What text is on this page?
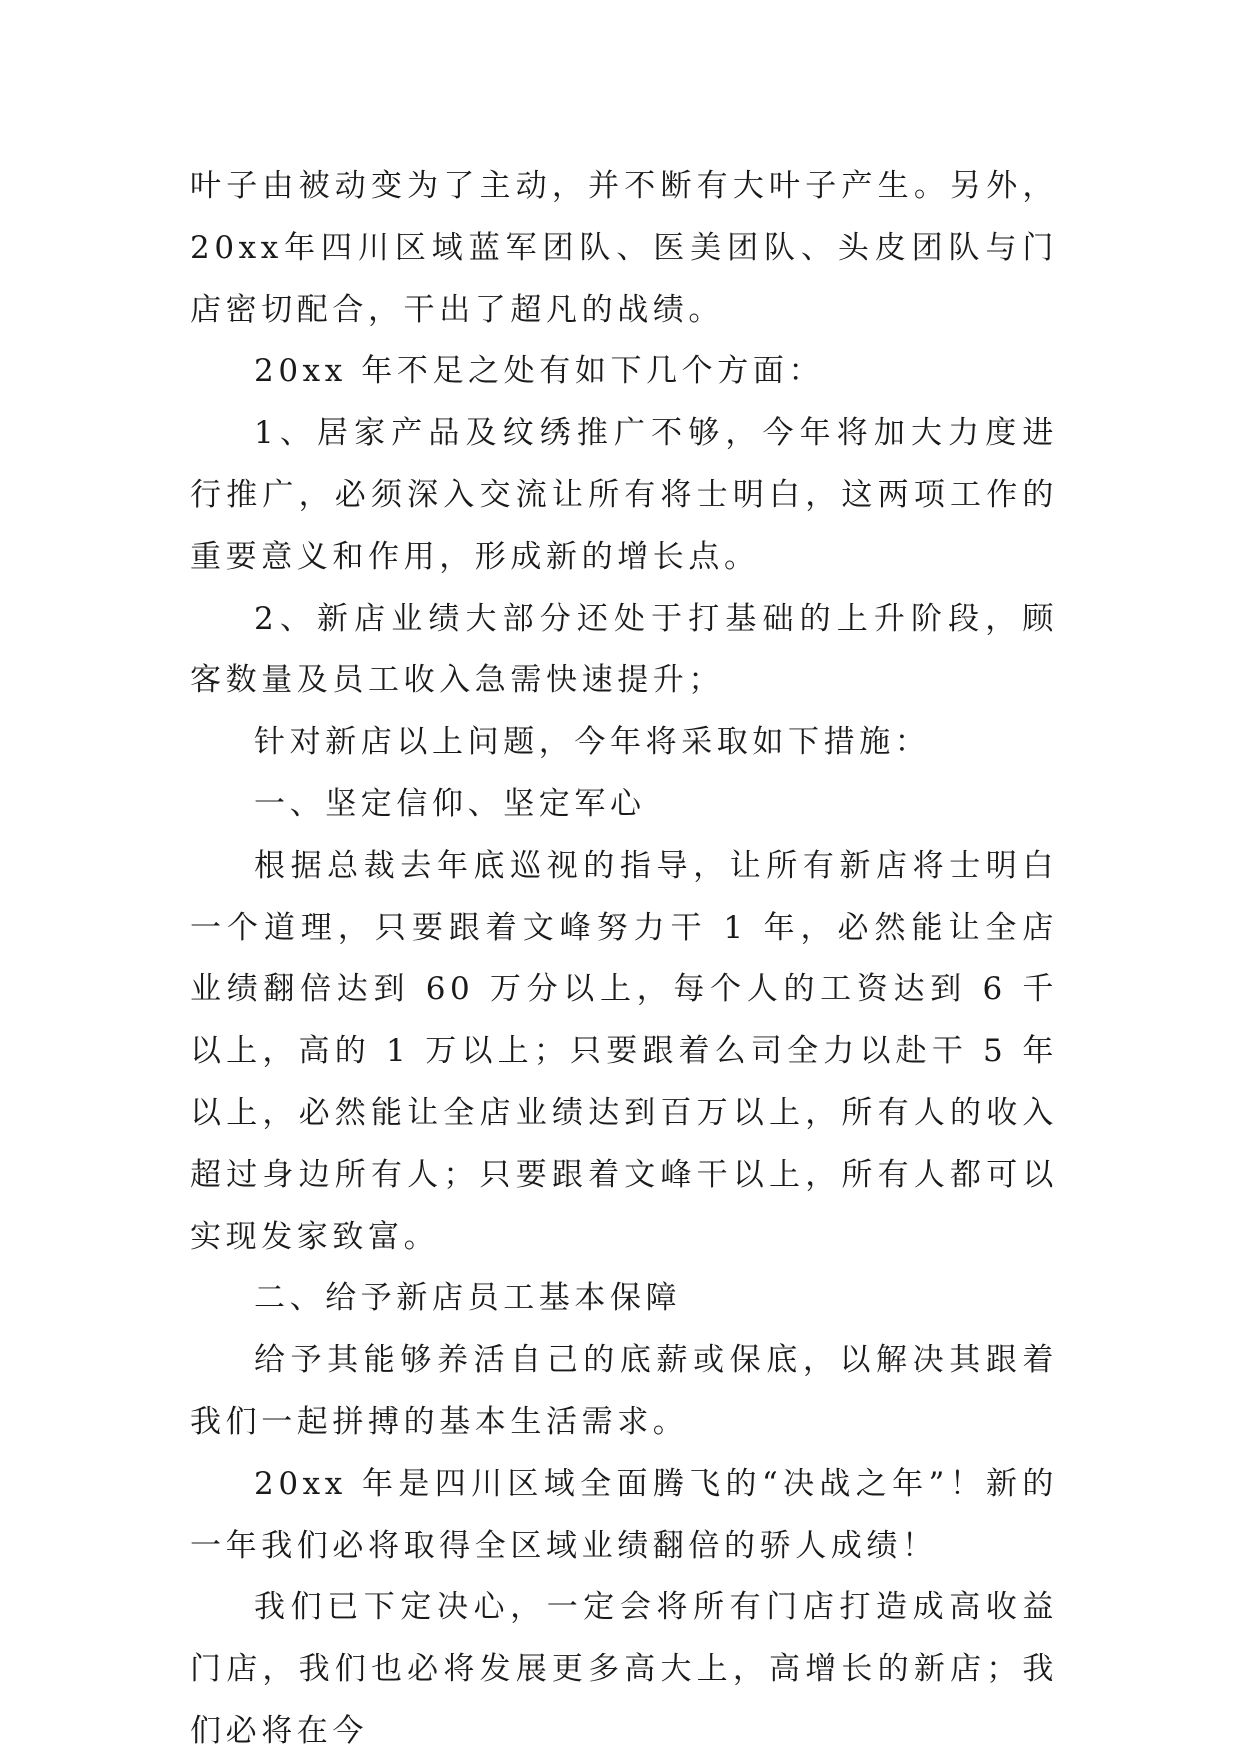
叶子由被动变为了主动，并不断有大叶子产生。另外，20xx年四川区域蓝军团队、医美团队、头皮团队与门店密切配合，干出了超凡的战绩。

20xx 年不足之处有如下几个方面：

1、居家产品及纹绣推广不够，今年将加大力度进行推广，必须深入交流让所有将士明白，这两项工作的重要意义和作用，形成新的增长点。

2、新店业绩大部分还处于打基础的上升阶段，顾客数量及员工收入急需快速提升；

针对新店以上问题，今年将采取如下措施：

一、坚定信仰、坚定军心

根据总裁去年底巡视的指导，让所有新店将士明白一个道理，只要跟着文峰努力干 1 年，必然能让全店业绩翻倍达到 60 万分以上，每个人的工资达到 6 千以上，高的 1 万以上；只要跟着么司全力以赴干 5 年以上，必然能让全店业绩达到百万以上，所有人的收入超过身边所有人；只要跟着文峰干以上，所有人都可以实现发家致富。

二、给予新店员工基本保障

给予其能够养活自己的底薪或保底，以解决其跟着我们一起拼搏的基本生活需求。

20xx 年是四川区域全面腾飞的“决战之年”！新的一年我们必将取得全区域业绩翻倍的骄人成绩！

我们已下定决心，一定会将所有门店打造成高收益门店，我们也必将发展更多高大上，高增长的新店；我们必将在今
